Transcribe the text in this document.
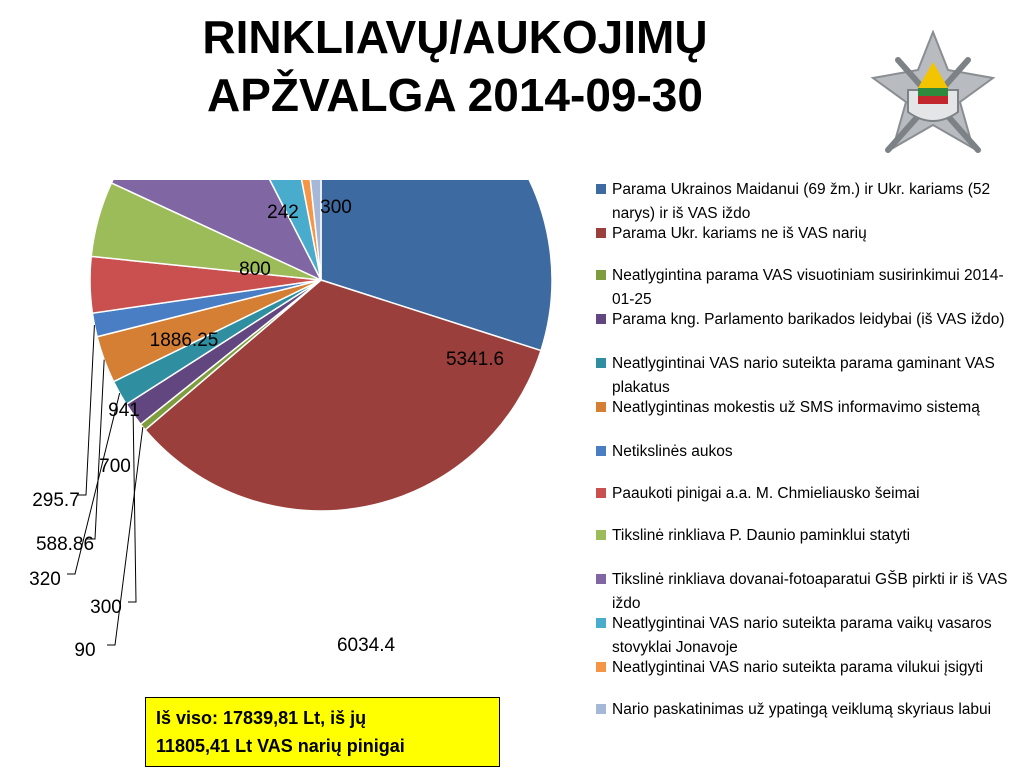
RINKLIAVŲ/AUKOJIMŲ
APŽVALGA 2014-09-30
5341.6
6034.4
90
300
320
588.86
295.7
700
941
1886.25
800
242 300
Parama Ukrainos Maidanui (69 žm.) ir Ukr. kariams (52 narys) ir iš VAS iždo
Parama Ukr. kariams ne iš VAS narių
Neatlygintina parama VAS visuotiniam susirinkimui 2014-01-25
Parama kng. Parlamento barikados leidybai (iš VAS iždo)
Neatlygintinai VAS nario suteikta parama gaminant VAS plakatus
Neatlygintinas mokestis už SMS informavimo sistemą
Netikslinės aukos
Paaukoti pinigai a.a. M. Chmieliausko šeimai
Tikslinė rinkliava P. Daunio paminklui statyti
Tikslinė rinkliava dovanai-fotoaparatui GŠB pirkti ir iš VAS iždo
Neatlygintinai VAS nario suteikta parama vaikų vasaros stovyklai Jonavoje
Neatlygintinai VAS nario suteikta parama vilukui įsigyti
Nario paskatinimas už ypatingą veiklumą skyriaus labui
Iš viso: 17839,81 Lt, iš jų
11805,41 Lt VAS narių pinigai
